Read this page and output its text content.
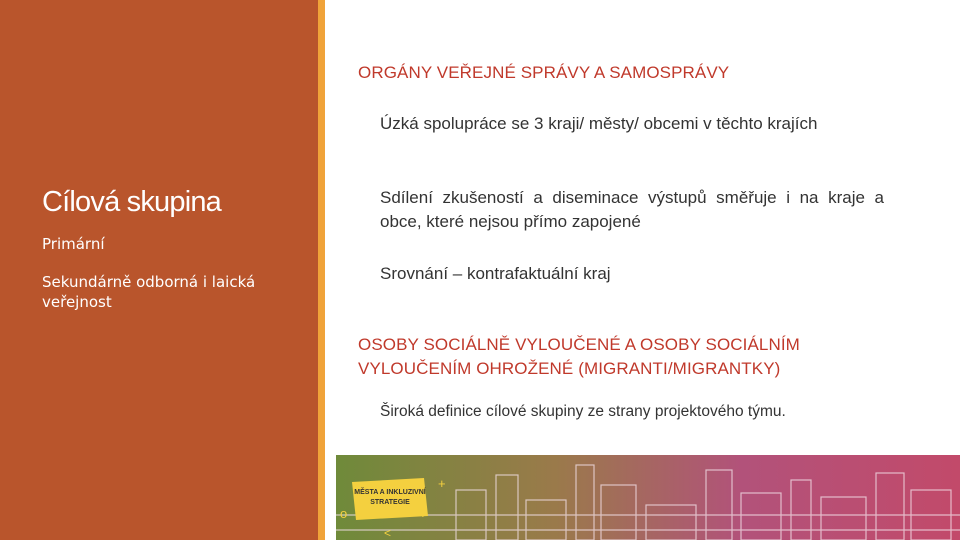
Cílová skupina
Primární
Sekundárně odborná i laická veřejnost
ORGÁNY VEŘEJNÉ SPRÁVY A SAMOSPRÁVY
Úzká spolupráce se 3 kraji/ městy/ obcemi v těchto krajích
Sdílení zkušeností a diseminace výstupů směřuje i na kraje a obce, které nejsou přímo zapojené
Srovnání – kontrafaktuální kraj
OSOBY SOCIÁLNĚ VYLOUČENÉ A OSOBY SOCIÁLNÍM VYLOUČENÍM OHROŽENÉ (MIGRANTI/MIGRANTKY)
Široká definice cílové skupiny ze strany projektového týmu.
MĚSTA A INKLUZIVNÍ
STRATEGIE
+
o	?
<
